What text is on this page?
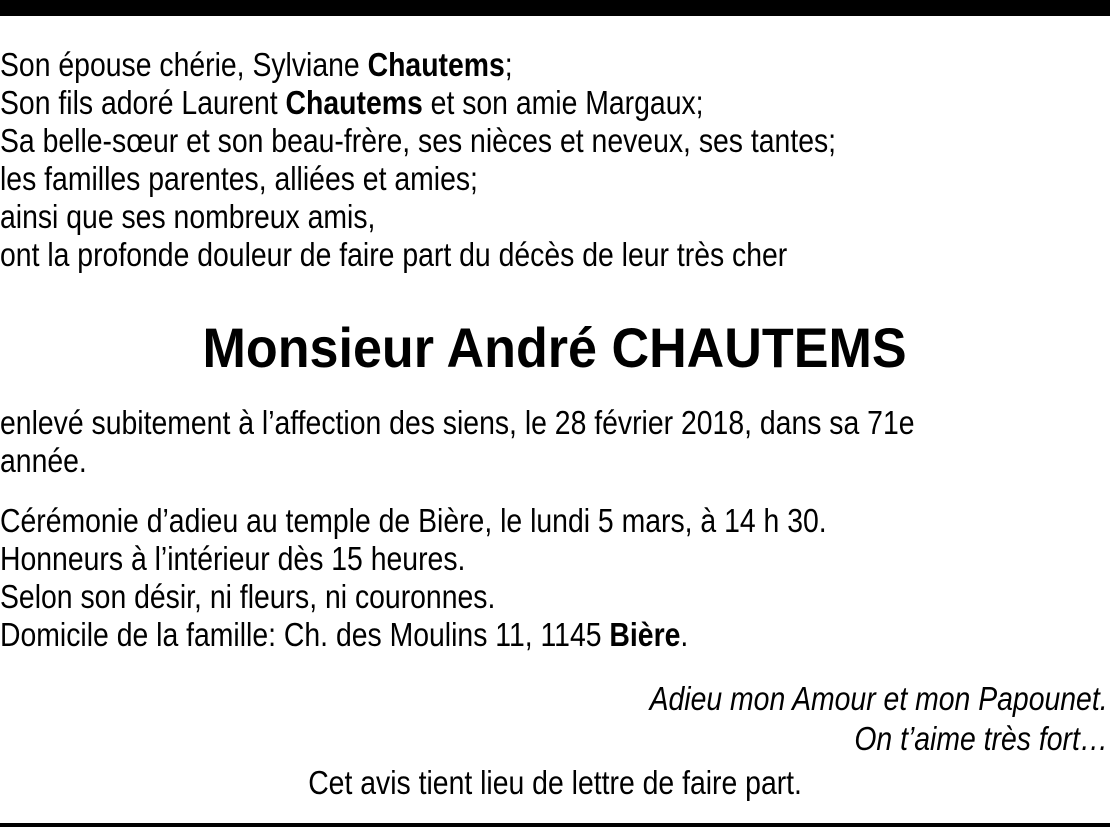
Son épouse chérie, Sylviane Chautems;
Son fils adoré Laurent Chautems et son amie Margaux;
Sa belle-sœur et son beau-frère, ses nièces et neveux, ses tantes;
les familles parentes, alliées et amies;
ainsi que ses nombreux amis,
ont la profonde douleur de faire part du décès de leur très cher
Monsieur André CHAUTEMS
enlevé subitement à l’affection des siens, le 28 février 2018, dans sa 71e
année.
Cérémonie d’adieu au temple de Bière, le lundi 5 mars, à 14 h 30.
Honneurs à l’intérieur dès 15 heures.
Selon son désir, ni fleurs, ni couronnes.
Domicile de la famille: Ch. des Moulins 11, 1145 Bière.
Adieu mon Amour et mon Papounet.
On t’aime très fort…
Cet avis tient lieu de lettre de faire part.
